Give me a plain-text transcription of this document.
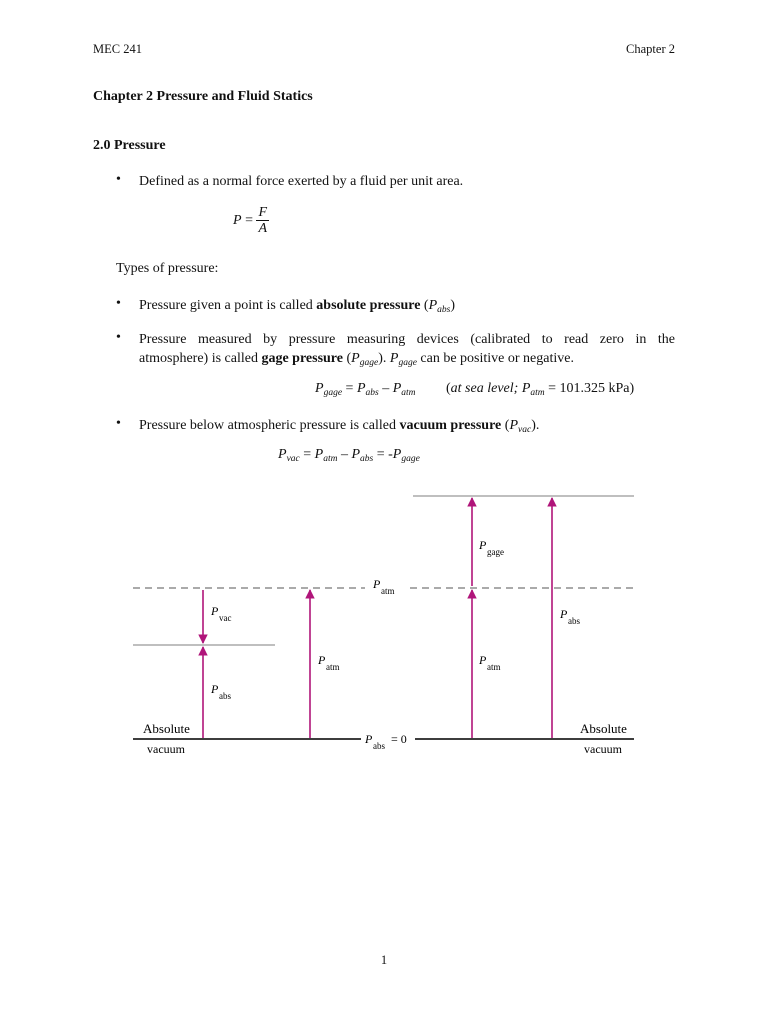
MEC 241	Chapter 2
Chapter 2 Pressure and Fluid Statics
2.0 Pressure
• Defined as a normal force exerted by a fluid per unit area.
$P = \frac{F}{A}$
Types of pressure:
• Pressure given a point is called absolute pressure $(P_{abs})$
• Pressure measured by pressure measuring devices (calibrated to read zero in the
atmosphere) is called gage pressure $(P_{gage})$. $P_{gage}$ can be positive or negative.
$P_{gage} = P_{abs} - P_{atm}$ (at sea level; $P_{atm} = 101.325$ kPa)
• Pressure below atmospheric pressure is called vacuum pressure $(P_{vac})$.
$P_{vac} = P_{atm} - P_{abs} = -P_{gage}$
P atm
P gage
P vac	P abs
P atm	P atm
P abs
P abs = 0
Absolute
vacuum
Absolute
vacuum
1
